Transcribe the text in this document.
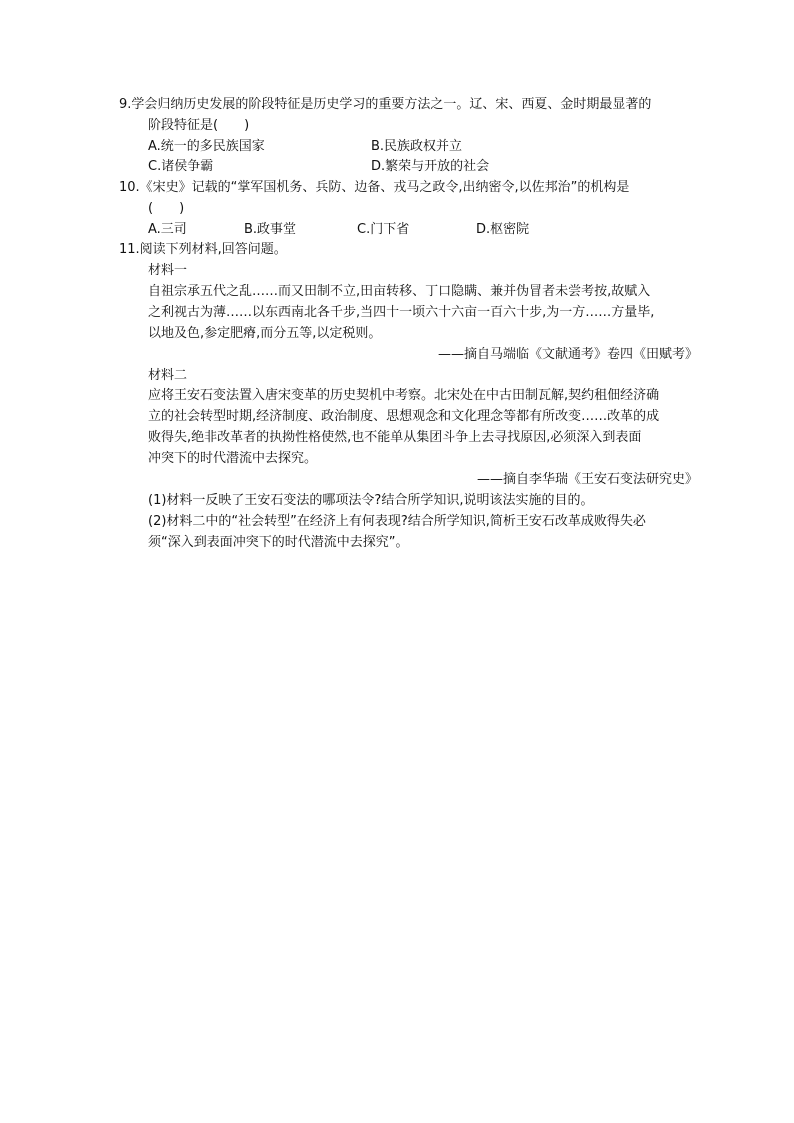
9.学会归纳历史发展的阶段特征是历史学习的重要方法之一。辽、宋、西夏、金时期最显著的
阶段特征是(　　)
A.统一的多民族国家	B.民族政权并立
C.诸侯争霸	D.繁荣与开放的社会
10.《宋史》记载的“掌军国机务、兵防、边备、戎马之政令,出纳密令,以佐邦治”的机构是
(　　)
A.三司	B.政事堂	C.门下省	D.枢密院
11.阅读下列材料,回答问题。
材料一
自祖宗承五代之乱……而又田制不立,田亩转移、丁口隐瞒、兼并伪冒者未尝考按,故赋入
之利视古为薄……以东西南北各千步,当四十一顷六十六亩一百六十步,为一方……方量毕,
以地及色,参定肥瘠,而分五等,以定税则。
——摘自马端临《文献通考》卷四《田赋考》
材料二
应将王安石变法置入唐宋变革的历史契机中考察。北宋处在中古田制瓦解,契约租佃经济确
立的社会转型时期,经济制度、政治制度、思想观念和文化理念等都有所改变……改革的成
败得失,绝非改革者的执拗性格使然,也不能单从集团斗争上去寻找原因,必须深入到表面
冲突下的时代潜流中去探究。
——摘自李华瑞《王安石变法研究史》
(1)材料一反映了王安石变法的哪项法令?结合所学知识,说明该法实施的目的。
(2)材料二中的“社会转型”在经济上有何表现?结合所学知识,简析王安石改革成败得失必
须“深入到表面冲突下的时代潜流中去探究”。
